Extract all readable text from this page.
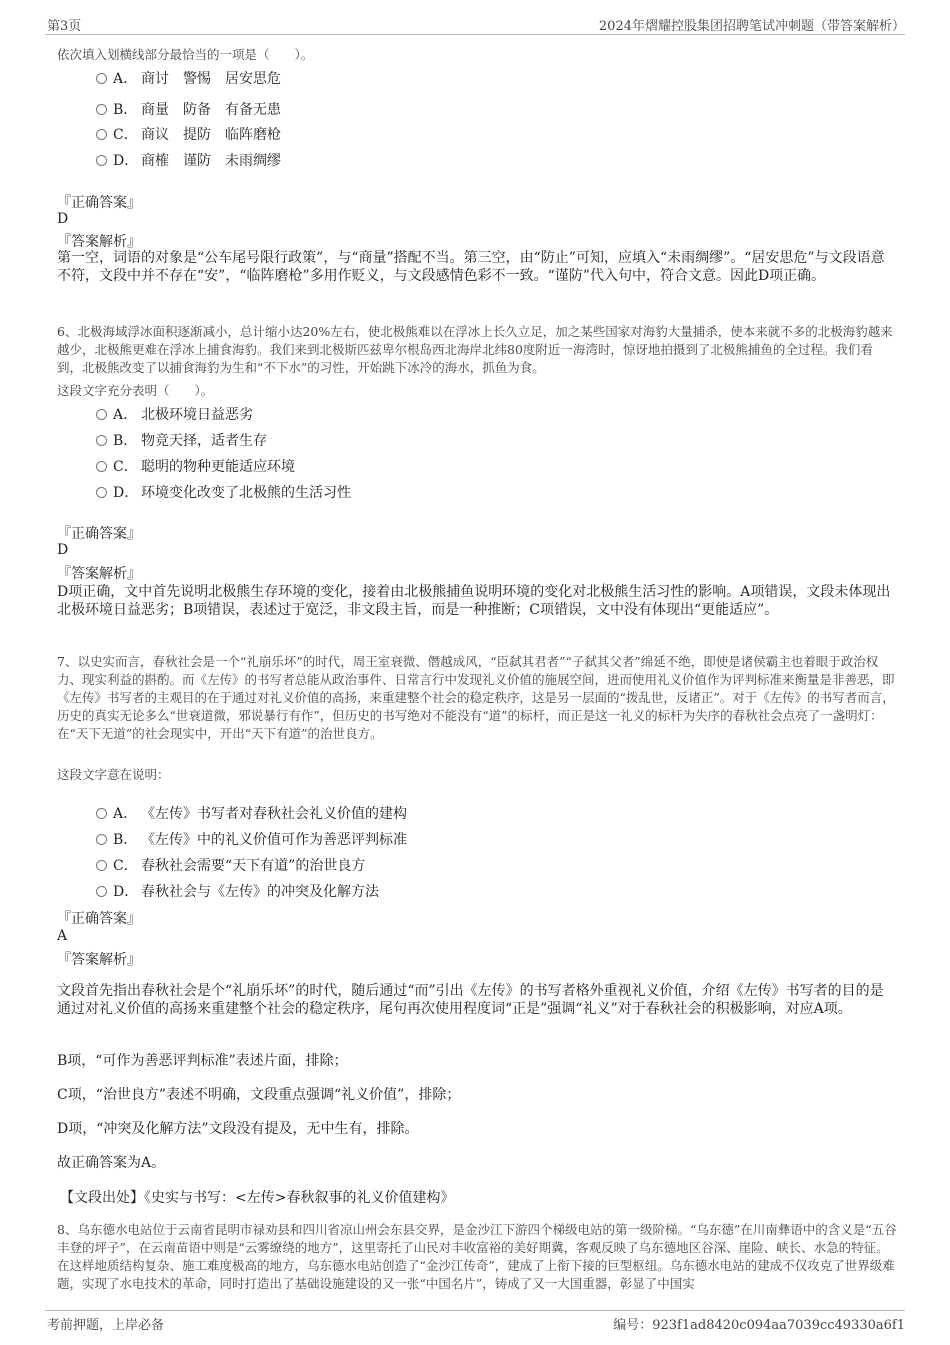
第3页	2024年熠耀控股集团招聘笔试冲刺题（带答案解析）
依次填入划横线部分最恰当的一项是（　　）。
A． 商讨　警惕　居安思危
B． 商量　防备　有备无患
C． 商议　提防　临阵磨枪
D． 商榷　谨防　未雨绸缪
『正确答案』
D
『答案解析』
第一空，词语的对象是“公车尾号限行政策”，与“商量”搭配不当。第三空，由“防止”可知，应填入“未雨绸缪”。“居安思危”与文段语意不符，文段中并不存在“安”，“临阵磨枪”多用作贬义，与文段感情色彩不一致。“谨防”代入句中，符合文意。因此D项正确。
6、北极海域浮冰面积逐渐减小，总计缩小达20%左右，使北极熊难以在浮冰上长久立足，加之某些国家对海豹大量捕杀，使本来就不多的北极海豹越来越少，北极熊更难在浮冰上捕食海豹。我们来到北极斯匹兹卑尔根岛西北海岸北纬80度附近一海湾时，惊讶地拍摄到了北极熊捕鱼的全过程。我们看到，北极熊改变了以捕食海豹为生和“不下水”的习性，开始跳下冰冷的海水，抓鱼为食。
这段文字充分表明（　　）。
A． 北极环境日益恶劣
B． 物竞天择，适者生存
C． 聪明的物种更能适应环境
D． 环境变化改变了北极熊的生活习性
『正确答案』
D
『答案解析』
D项正确，文中首先说明北极熊生存环境的变化，接着由北极熊捕鱼说明环境的变化对北极熊生活习性的影响。A项错误，文段未体现出北极环境日益恶劣；B项错误，表述过于宽泛，非文段主旨，而是一种推断；C项错误，文中没有体现出“更能适应”。
7、以史实而言，春秋社会是一个“礼崩乐坏”的时代，周王室衰微、僭越成风，“臣弑其君者”“子弑其父者”绵延不绝，即使是诸侯霸主也着眼于政治权力、现实利益的斟酌。而《左传》的书写者总能从政治事件、日常言行中发现礼义价值的施展空间，进而使用礼义价值作为评判标准来衡量是非善恶，即《左传》书写者的主观目的在于通过对礼义价值的高扬，来重建整个社会的稳定秩序，这是另一层面的“拨乱世，反诸正”。对于《左传》的书写者而言，历史的真实无论多么“世衰道微，邪说暴行有作”，但历史的书写绝对不能没有“道”的标杆，而正是这一礼义的标杆为失序的春秋社会点亮了一盏明灯：在“天下无道”的社会现实中，开出“天下有道”的治世良方。
这段文字意在说明：
A． 《左传》书写者对春秋社会礼义价值的建构
B． 《左传》中的礼义价值可作为善恶评判标准
C． 春秋社会需要“天下有道”的治世良方
D． 春秋社会与《左传》的冲突及化解方法
『正确答案』
A
『答案解析』
文段首先指出春秋社会是个“礼崩乐坏”的时代，随后通过“而”引出《左传》的书写者格外重视礼义价值，介绍《左传》书写者的目的是通过对礼义价值的高扬来重建整个社会的稳定秩序，尾句再次使用程度词“正是”强调“礼义”对于春秋社会的积极影响，对应A项。
B项，“可作为善恶评判标准”表述片面，排除；
C项，“治世良方”表述不明确，文段重点强调“礼义价值”，排除；
D项，“冲突及化解方法”文段没有提及，无中生有，排除。
故正确答案为A。
【文段出处】《史实与书写：<左传>春秋叙事的礼义价值建构》
8、乌东德水电站位于云南省昆明市禄劝县和四川省凉山州会东县交界，是金沙江下游四个梯级电站的第一级阶梯。“乌东德”在川南彝语中的含义是“五谷丰登的坪子”，在云南苗语中则是“云雾缭绕的地方”，这里寄托了山民对丰收富裕的美好期冀，客观反映了乌东德地区谷深、崖险、峡长、水急的特征。在这样地质结构复杂、施工难度极高的地方，乌东德水电站创造了“金沙江传奇”，建成了上衔下接的巨型枢纽。乌东德水电站的建成不仅攻克了世界级难题，实现了水电技术的革命，同时打造出了基础设施建设的又一张“中国名片”，铸成了又一大国重器，彰显了中国实
考前押题，上岸必备	编号：923f1ad8420c094aa7039cc49330a6f1
